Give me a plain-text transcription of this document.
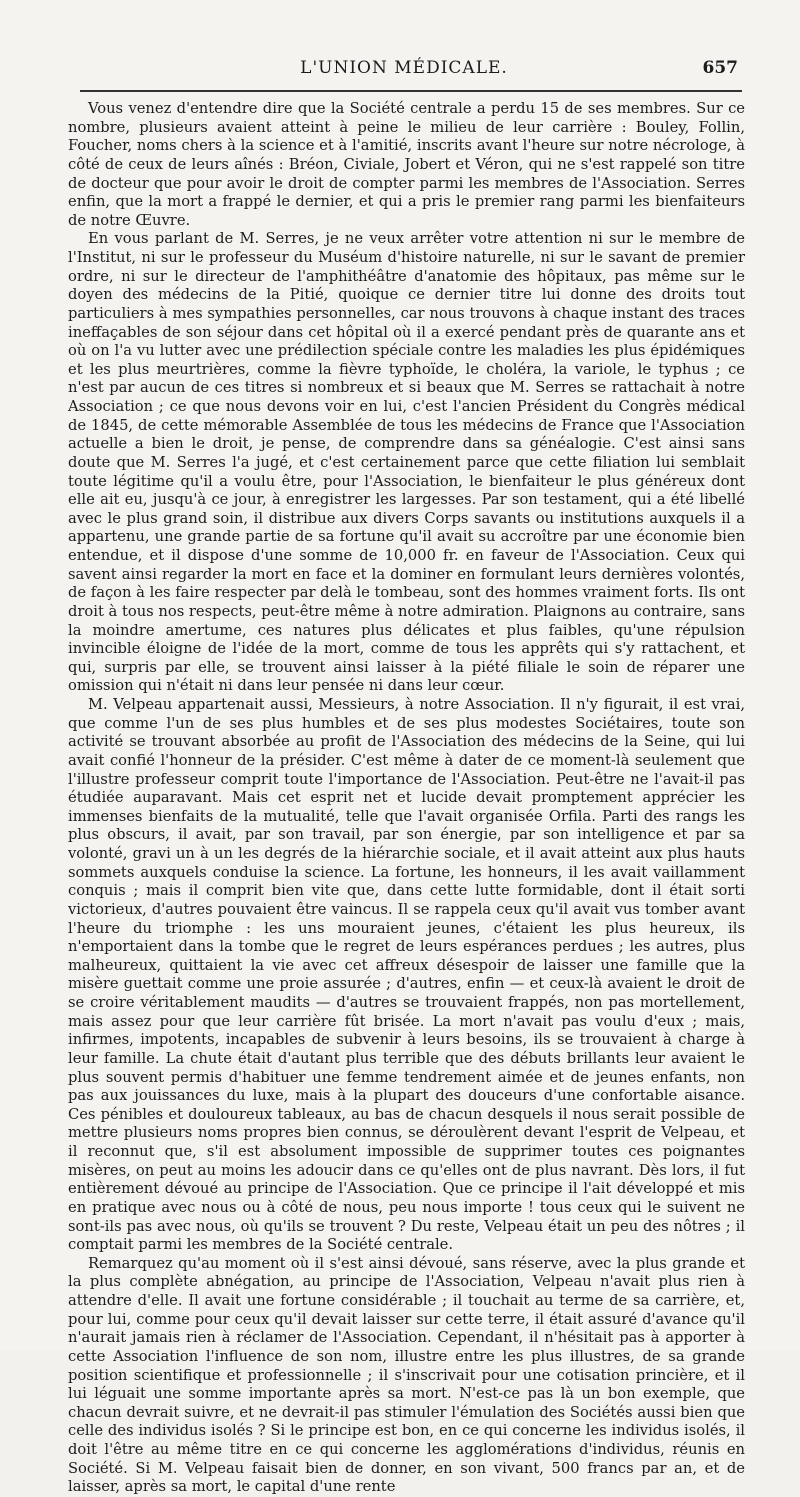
L'UNION MÉDICALE.	657

Vous venez d'entendre dire que la Société centrale a perdu 15 de ses membres. Sur ce nombre, plusieurs avaient atteint à peine le milieu de leur carrière : Bouley, Follin, Foucher, noms chers à la science et à l'amitié, inscrits avant l'heure sur notre nécrologe, à côté de ceux de leurs aînés : Bréon, Civiale, Jobert et Véron, qui ne s'est rappelé son titre de docteur que pour avoir le droit de compter parmi les membres de l'Association. Serres enfin, que la mort a frappé le dernier, et qui a pris le premier rang parmi les bienfaiteurs de notre Œuvre.

En vous parlant de M. Serres, je ne veux arrêter votre attention ni sur le membre de l'Institut, ni sur le professeur du Muséum d'histoire naturelle, ni sur le savant de premier ordre, ni sur le directeur de l'amphithéâtre d'anatomie des hôpitaux, pas même sur le doyen des médecins de la Pitié, quoique ce dernier titre lui donne des droits tout particuliers à mes sympathies personnelles, car nous trouvons à chaque instant des traces ineffaçables de son séjour dans cet hôpital où il a exercé pendant près de quarante ans et où on l'a vu lutter avec une prédilection spéciale contre les maladies les plus épidémiques et les plus meurtrières, comme la fièvre typhoïde, le choléra, la variole, le typhus ; ce n'est par aucun de ces titres si nombreux et si beaux que M. Serres se rattachait à notre Association ; ce que nous devons voir en lui, c'est l'ancien Président du Congrès médical de 1845, de cette mémorable Assemblée de tous les médecins de France que l'Association actuelle a bien le droit, je pense, de comprendre dans sa généalogie. C'est ainsi sans doute que M. Serres l'a jugé, et c'est certainement parce que cette filiation lui semblait toute légitime qu'il a voulu être, pour l'Association, le bienfaiteur le plus généreux dont elle ait eu, jusqu'à ce jour, à enregistrer les largesses. Par son testament, qui a été libellé avec le plus grand soin, il distribue aux divers Corps savants ou institutions auxquels il a appartenu, une grande partie de sa fortune qu'il avait su accroître par une économie bien entendue, et il dispose d'une somme de 10,000 fr. en faveur de l'Association. Ceux qui savent ainsi regarder la mort en face et la dominer en formulant leurs dernières volontés, de façon à les faire respecter par delà le tombeau, sont des hommes vraiment forts. Ils ont droit à tous nos respects, peut-être même à notre admiration. Plaignons au contraire, sans la moindre amertume, ces natures plus délicates et plus faibles, qu'une répulsion invincible éloigne de l'idée de la mort, comme de tous les apprêts qui s'y rattachent, et qui, surpris par elle, se trouvent ainsi laisser à la piété filiale le soin de réparer une omission qui n'était ni dans leur pensée ni dans leur cœur.

M. Velpeau appartenait aussi, Messieurs, à notre Association. Il n'y figurait, il est vrai, que comme l'un de ses plus humbles et de ses plus modestes Sociétaires, toute son activité se trouvant absorbée au profit de l'Association des médecins de la Seine, qui lui avait confié l'honneur de la présider. C'est même à dater de ce moment-là seulement que l'illustre professeur comprit toute l'importance de l'Association. Peut-être ne l'avait-il pas étudiée auparavant. Mais cet esprit net et lucide devait promptement apprécier les immenses bienfaits de la mutualité, telle que l'avait organisée Orfila. Parti des rangs les plus obscurs, il avait, par son travail, par son énergie, par son intelligence et par sa volonté, gravi un à un les degrés de la hiérarchie sociale, et il avait atteint aux plus hauts sommets auxquels conduise la science. La fortune, les honneurs, il les avait vaillamment conquis ; mais il comprit bien vite que, dans cette lutte formidable, dont il était sorti victorieux, d'autres pouvaient être vaincus. Il se rappela ceux qu'il avait vus tomber avant l'heure du triomphe : les uns mouraient jeunes, c'étaient les plus heureux, ils n'emportaient dans la tombe que le regret de leurs espérances perdues ; les autres, plus malheureux, quittaient la vie avec cet affreux désespoir de laisser une famille que la misère guettait comme une proie assurée ; d'autres, enfin — et ceux-là avaient le droit de se croire véritablement maudits — d'autres se trouvaient frappés, non pas mortellement, mais assez pour que leur carrière fût brisée. La mort n'avait pas voulu d'eux ; mais, infirmes, impotents, incapables de subvenir à leurs besoins, ils se trouvaient à charge à leur famille. La chute était d'autant plus terrible que des débuts brillants leur avaient le plus souvent permis d'habituer une femme tendrement aimée et de jeunes enfants, non pas aux jouissances du luxe, mais à la plupart des douceurs d'une confortable aisance. Ces pénibles et douloureux tableaux, au bas de chacun desquels il nous serait possible de mettre plusieurs noms propres bien connus, se déroulèrent devant l'esprit de Velpeau, et il reconnut que, s'il est absolument impossible de supprimer toutes ces poignantes misères, on peut au moins les adoucir dans ce qu'elles ont de plus navrant. Dès lors, il fut entièrement dévoué au principe de l'Association. Que ce principe il l'ait développé et mis en pratique avec nous ou à côté de nous, peu nous importe ! tous ceux qui le suivent ne sont-ils pas avec nous, où qu'ils se trouvent ? Du reste, Velpeau était un peu des nôtres ; il comptait parmi les membres de la Société centrale.

Remarquez qu'au moment où il s'est ainsi dévoué, sans réserve, avec la plus grande et la plus complète abnégation, au principe de l'Association, Velpeau n'avait plus rien à attendre d'elle. Il avait une fortune considérable ; il touchait au terme de sa carrière, et, pour lui, comme pour ceux qu'il devait laisser sur cette terre, il était assuré d'avance qu'il n'aurait jamais rien à réclamer de l'Association. Cependant, il n'hésitait pas à apporter à cette Association l'influence de son nom, illustre entre les plus illustres, de sa grande position scientifique et professionnelle ; il s'inscrivait pour une cotisation princière, et il lui léguait une somme importante après sa mort. N'est-ce pas là un bon exemple, que chacun devrait suivre, et ne devrait-il pas stimuler l'émulation des Sociétés aussi bien que celle des individus isolés ? Si le principe est bon, en ce qui concerne les individus isolés, il doit l'être au même titre en ce qui concerne les agglomérations d'individus, réunis en Société. Si M. Velpeau faisait bien de donner, en son vivant, 500 francs par an, et de laisser, après sa mort, le capital d'une rente
